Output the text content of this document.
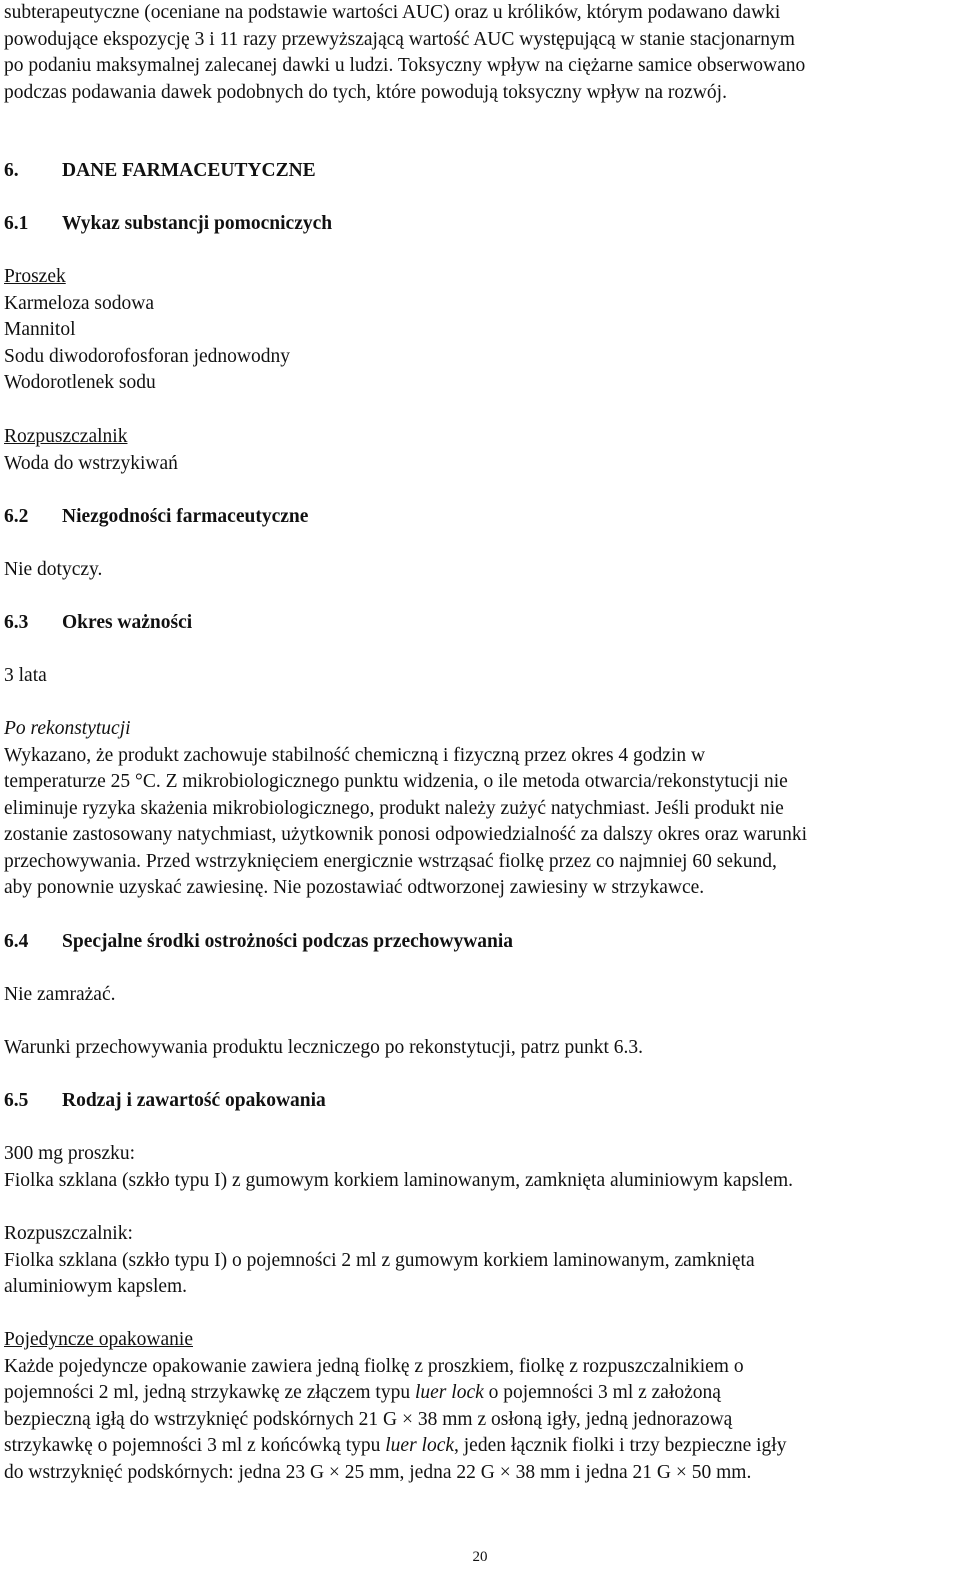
subterapeutyczne (oceniane na podstawie wartości AUC) oraz u królików, którym podawano dawki
powodujące ekspozycję 3 i 11 razy przewyższającą wartość AUC występującą w stanie stacjonarnym
po podaniu maksymalnej zalecanej dawki u ludzi. Toksyczny wpływ na ciężarne samice obserwowano
podczas podawania dawek podobnych do tych, które powodują toksyczny wpływ na rozwój.
6. DANE FARMACEUTYCZNE
6.1 Wykaz substancji pomocniczych
Proszek
Karmeloza sodowa
Mannitol
Sodu diwodorofosforan jednowodny
Wodorotlenek sodu
Rozpuszczalnik
Woda do wstrzykiwań
6.2 Niezgodności farmaceutyczne
Nie dotyczy.
6.3 Okres ważności
3 lata
Po rekonstytucji
Wykazano, że produkt zachowuje stabilność chemiczną i fizyczną przez okres 4 godzin w
temperaturze 25 °C. Z mikrobiologicznego punktu widzenia, o ile metoda otwarcia/rekonstytucji nie
eliminuje ryzyka skażenia mikrobiologicznego, produkt należy zużyć natychmiast. Jeśli produkt nie
zostanie zastosowany natychmiast, użytkownik ponosi odpowiedzialność za dalszy okres oraz warunki
przechowywania. Przed wstrzyknięciem energicznie wstrząsać fiolkę przez co najmniej 60 sekund,
aby ponownie uzyskać zawiesinę. Nie pozostawiać odtworzonej zawiesiny w strzykawce.
6.4 Specjalne środki ostrożności podczas przechowywania
Nie zamrażać.
Warunki przechowywania produktu leczniczego po rekonstytucji, patrz punkt 6.3.
6.5 Rodzaj i zawartość opakowania
300 mg proszku:
Fiolka szklana (szkło typu I) z gumowym korkiem laminowanym, zamknięta aluminiowym kapslem.
Rozpuszczalnik:
Fiolka szklana (szkło typu I) o pojemności 2 ml z gumowym korkiem laminowanym, zamknięta
aluminiowym kapslem.
Pojedyncze opakowanie
Każde pojedyncze opakowanie zawiera jedną fiolkę z proszkiem, fiolkę z rozpuszczalnikiem o
pojemności 2 ml, jedną strzykawkę ze złączem typu luer lock o pojemności 3 ml z założoną
bezpieczną igłą do wstrzyknięć podskórnych 21 G × 38 mm z osłoną igły, jedną jednorazową
strzykawkę o pojemności 3 ml z końcówką typu luer lock, jeden łącznik fiolki i trzy bezpieczne igły
do wstrzyknięć podskórnych: jedna 23 G × 25 mm, jedna 22 G × 38 mm i jedna 21 G × 50 mm.
20
